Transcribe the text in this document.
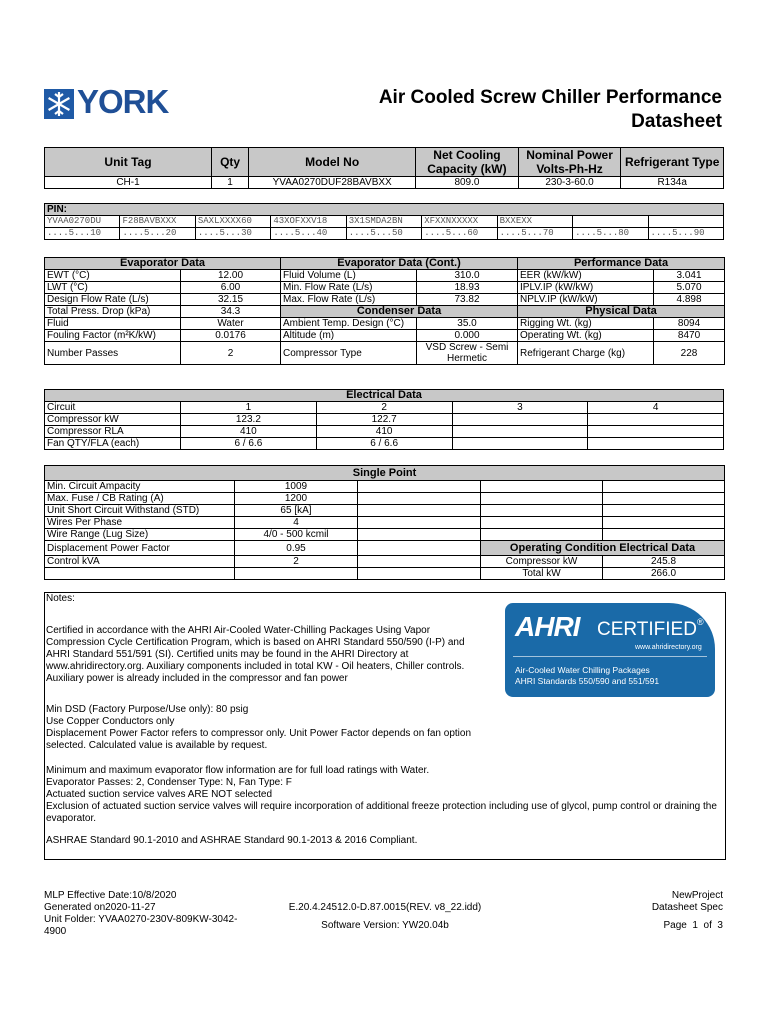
YORK	Air Cooled Screw Chiller Performance
Datasheet
Unit Tag	Qty	Model No	Net Cooling Capacity (kW)	Nominal Power Volts-Ph-Hz	Refrigerant Type
CH-1	1	YVAA0270DUF28BAVBXX	809.0	230-3-60.0	R134a
PIN:								
YVAA0270DU	F28BAVBXXX	SAXLXXXX60	43XOFXXV18	3X1SMDA2BN	XFXXNXXXXX	BXXEXX		
....5...10	....5...20	....5...30	....5...40	....5...50	....5...60	....5...70	....5...80	....5...90
Evaporator Data		Evaporator Data (Cont.)		Performance Data	
EWT (°C)	12.00	Fluid Volume (L)	310.0	EER (kW/kW)	3.041
LWT (°C)	6.00	Min. Flow Rate (L/s)	18.93	IPLV.IP (kW/kW)	5.070
Design Flow Rate (L/s)	32.15	Max. Flow Rate (L/s)	73.82	NPLV.IP (kW/kW)	4.898
Total Press. Drop (kPa)	34.3	Condenser Data		Physical Data	
Fluid	Water	Ambient Temp. Design (°C)	35.0	Rigging Wt. (kg)	8094
Fouling Factor (m²K/kW)	0.0176	Altitude (m)	0.000	Operating Wt. (kg)	8470
Number Passes	2	Compressor Type	VSD Screw - Semi Hermetic	Refrigerant Charge (kg)	228
Electrical Data				
Circuit	1	2	3	4
Compressor kW	123.2	122.7		
Compressor RLA	410	410		
Fan QTY/FLA (each)	6 / 6.6	6 / 6.6		
Single Point				
Min. Circuit Ampacity	1009			
Max. Fuse / CB Rating (A)	1200			
Unit Short Circuit Withstand (STD)	65 [kA]			
Wires Per Phase	4			
Wire Range (Lug Size)	4/0 - 500 kcmil			
Displacement Power Factor	0.95		Operating Condition Electrical Data	
Control kVA	2		Compressor kW	245.8
			Total kW	266.0
Notes:
Certified in accordance with the AHRI Air-Cooled Water-Chilling Packages Using Vapor Compression Cycle Certification Program, which is based on AHRI Standard 550/590 (I-P) and AHRI Standard 551/591 (SI). Certified units may be found in the AHRI Directory at www.ahridirectory.org. Auxiliary components included in total KW - Oil heaters, Chiller controls. Auxiliary power is already included in the compressor and fan power
Min DSD (Factory Purpose/Use only): 80 psig
Use Copper Conductors only
Displacement Power Factor refers to compressor only. Unit Power Factor depends on fan option selected. Calculated value is available by request.
Minimum and maximum evaporator flow information are for full load ratings with Water.
Evaporator Passes: 2, Condenser Type: N, Fan Type: F
Actuated suction service valves ARE NOT selected
Exclusion of actuated suction service valves will require incorporation of additional freeze protection including use of glycol, pump control or draining the evaporator.
ASHRAE Standard 90.1-2010 and ASHRAE Standard 90.1-2013 & 2016 Compliant.
AHRI CERTIFIED ®
www.ahridirectory.org
Air-Cooled Water Chilling Packages
AHRI Standards 550/590 and 551/591
MLP Effective Date:10/8/2020
Generated on2020-11-27
Unit Folder: YVAA0270-230V-809KW-3042-4900
E.20.4.24512.0-D.87.0015(REV. v8_22.idd)
Software Version: YW20.04b
NewProject
Datasheet Spec
Page  1  of  3
